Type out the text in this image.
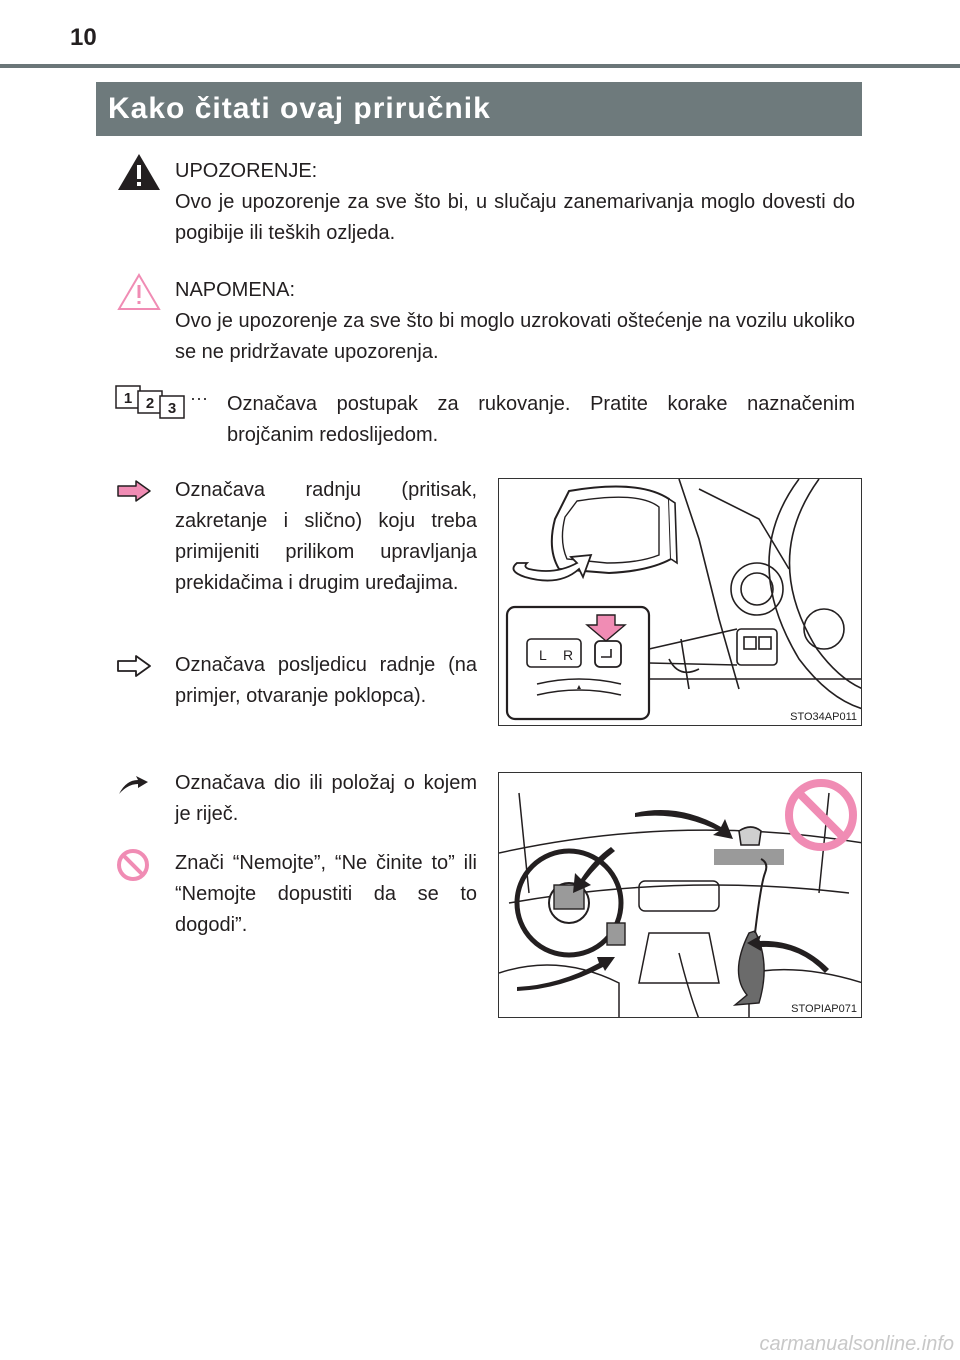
10
Kako čitati ovaj priručnik

UPOZORENJE:

Ovo je upozorenje za sve što bi, u slučaju zanemarivanja moglo dovesti do pogibije ili teških ozljeda.

NAPOMENA:

Ovo je upozorenje za sve što bi moglo uzrokovati oštećenje na vozilu ukoliko se ne pridržavate upozorenja.

1 2 3
··· Označava postupak za rukovanje. Pratite korake naznačenim brojčanim redoslijedom.

Označava radnju (pritisak, zakretanje i slično) koju treba primijeniti prilikom upravljanja prekidačima i drugim uređajima.

Označava posljedicu radnje (na primjer, otvaranje poklopca).

Označava dio ili položaj o kojem je riječ.

Znači “Nemojte”, “Ne činite to” ili “Nemojte dopustiti da se to dogodi”.

L R
STO34AP011
STOPIAP071
carmanualsonline.info
